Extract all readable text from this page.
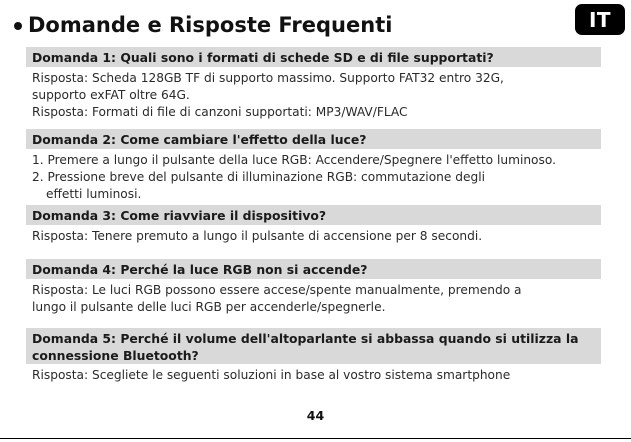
Domande e Risposte Frequenti	IT
Domanda 1: Quali sono i formati di schede SD e di file supportati?
Risposta: Scheda 128GB TF di supporto massimo. Supporto FAT32 entro 32G,
supporto exFAT oltre 64G.
Risposta: Formati di file di canzoni supportati: MP3/WAV/FLAC
Domanda 2: Come cambiare l'effetto della luce?
1. Premere a lungo il pulsante della luce RGB: Accendere/Spegnere l'effetto luminoso.
2. Pressione breve del pulsante di illuminazione RGB: commutazione degli
effetti luminosi.
Domanda 3: Come riavviare il dispositivo?
Risposta: Tenere premuto a lungo il pulsante di accensione per 8 secondi.
Domanda 4: Perché la luce RGB non si accende?
Risposta: Le luci RGB possono essere accese/spente manualmente, premendo a
lungo il pulsante delle luci RGB per accenderle/spegnerle.
Domanda 5: Perché il volume dell'altoparlante si abbassa quando si utilizza la
connessione Bluetooth?
Risposta: Scegliete le seguenti soluzioni in base al vostro sistema smartphone
44
